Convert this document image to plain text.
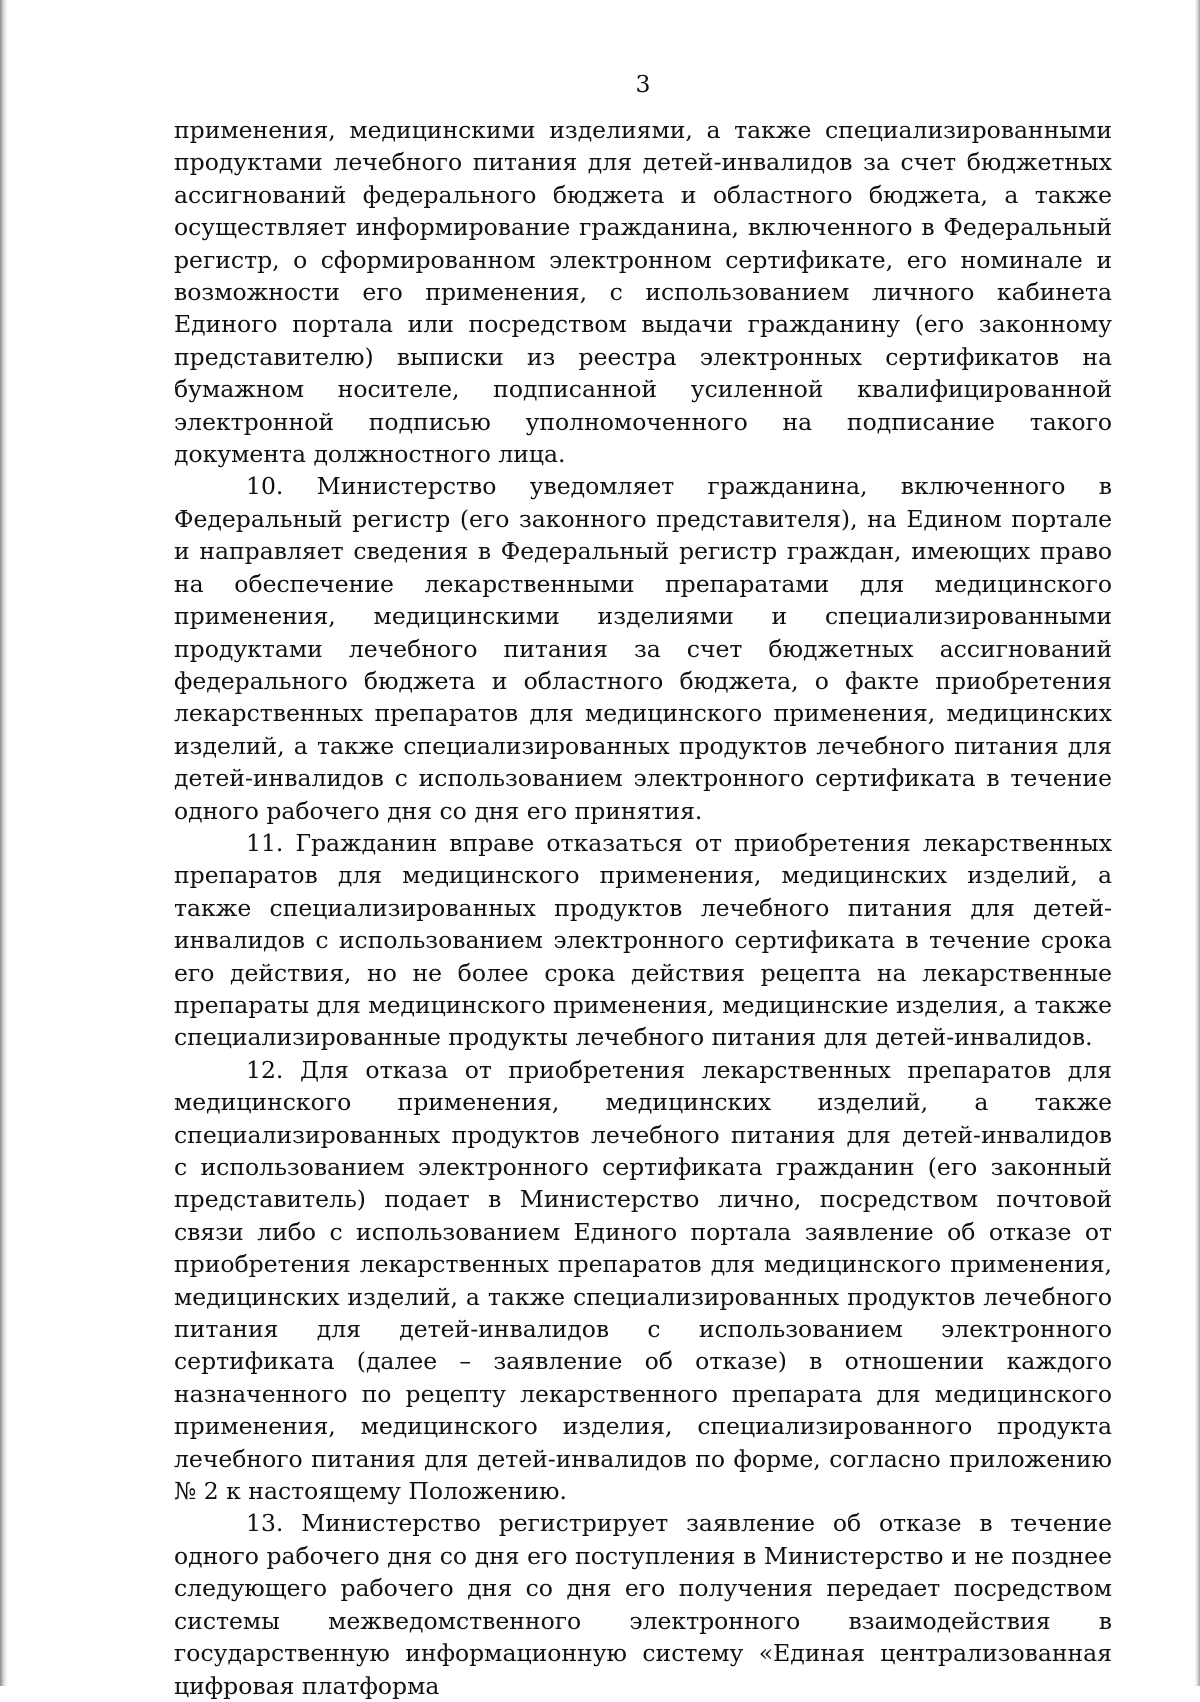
3

применения, медицинскими изделиями, а также специализированными продуктами лечебного питания для детей-инвалидов за счет бюджетных ассигнований федерального бюджета и областного бюджета, а также осуществляет информирование гражданина, включенного в Федеральный регистр, о сформированном электронном сертификате, его номинале и возможности его применения, с использованием личного кабинета Единого портала или посредством выдачи гражданину (его законному представителю) выписки из реестра электронных сертификатов на бумажном носителе, подписанной усиленной квалифицированной электронной подписью уполномоченного на подписание такого документа должностного лица.

10. Министерство уведомляет гражданина, включенного в Федеральный регистр (его законного представителя), на Едином портале и направляет сведения в Федеральный регистр граждан, имеющих право на обеспечение лекарственными препаратами для медицинского применения, медицинскими изделиями и специализированными продуктами лечебного питания за счет бюджетных ассигнований федерального бюджета и областного бюджета, о факте приобретения лекарственных препаратов для медицинского применения, медицинских изделий, а также специализированных продуктов лечебного питания для детей-инвалидов с использованием электронного сертификата в течение одного рабочего дня со дня его принятия.

11. Гражданин вправе отказаться от приобретения лекарственных препаратов для медицинского применения, медицинских изделий, а также специализированных продуктов лечебного питания для детей-инвалидов с использованием электронного сертификата в течение срока его действия, но не более срока действия рецепта на лекарственные препараты для медицинского применения, медицинские изделия, а также специализированные продукты лечебного питания для детей-инвалидов.

12. Для отказа от приобретения лекарственных препаратов для медицинского применения, медицинских изделий, а также специализированных продуктов лечебного питания для детей-инвалидов с использованием электронного сертификата гражданин (его законный представитель) подает в Министерство лично, посредством почтовой связи либо с использованием Единого портала заявление об отказе от приобретения лекарственных препаратов для медицинского применения, медицинских изделий, а также специализированных продуктов лечебного питания для детей-инвалидов с использованием электронного сертификата (далее – заявление об отказе) в отношении каждого назначенного по рецепту лекарственного препарата для медицинского применения, медицинского изделия, специализированного продукта лечебного питания для детей-инвалидов по форме, согласно приложению № 2 к настоящему Положению.

13. Министерство регистрирует заявление об отказе в течение одного рабочего дня со дня его поступления в Министерство и не позднее следующего рабочего дня со дня его получения передает посредством системы межведомственного электронного взаимодействия в государственную информационную систему «Единая централизованная цифровая платформа
